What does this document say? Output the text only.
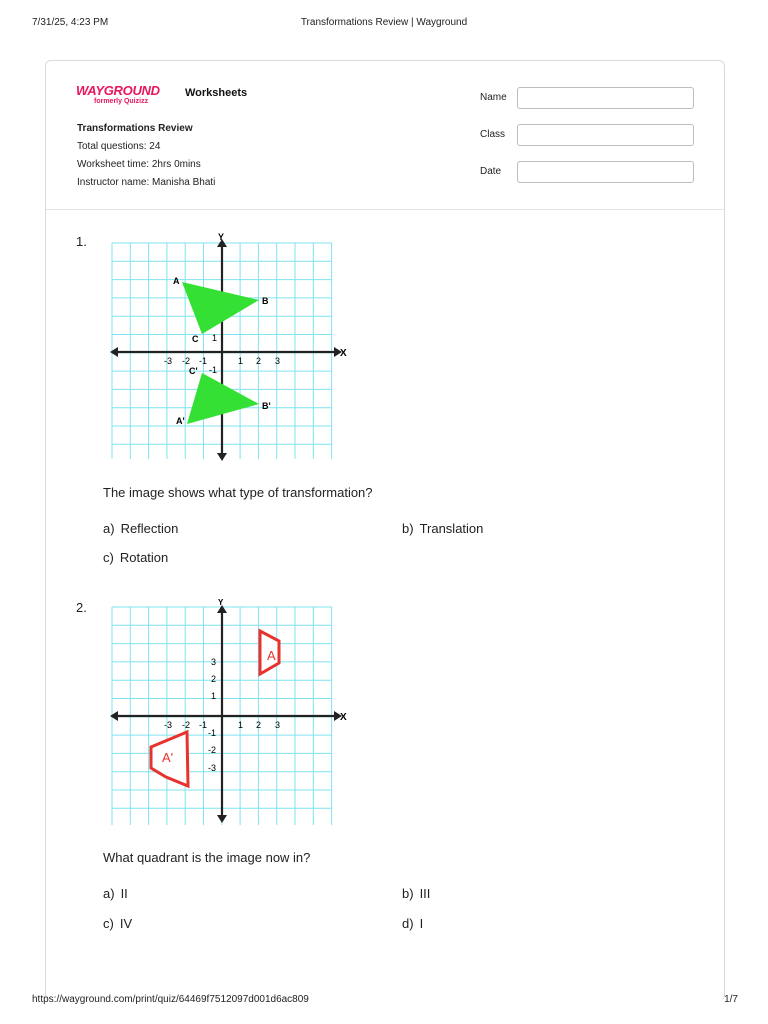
7/31/25, 4:23 PM	Transformations Review | Wayground
WAYGROUND
formerly Quizizz
Worksheets
Transformations Review
Total questions: 24
Worksheet time: 2hrs 0mins
Instructor name: Manisha Bhati
Name
Class
Date
1.	Y
X
A
B
C
A'
B'
C'
-3 -2 -1	1 2 3
1
-1
The image shows what type of transformation?
a) Reflection	b) Translation
c) Rotation
2.	Y
X
A
A'
-3 -2 -1	1 2 3
3
2
1
-1
-2
-3
What quadrant is the image now in?
a) II	b) III
c) IV	d) I
https://wayground.com/print/quiz/64469f7512097d001d6ac809	1/7
